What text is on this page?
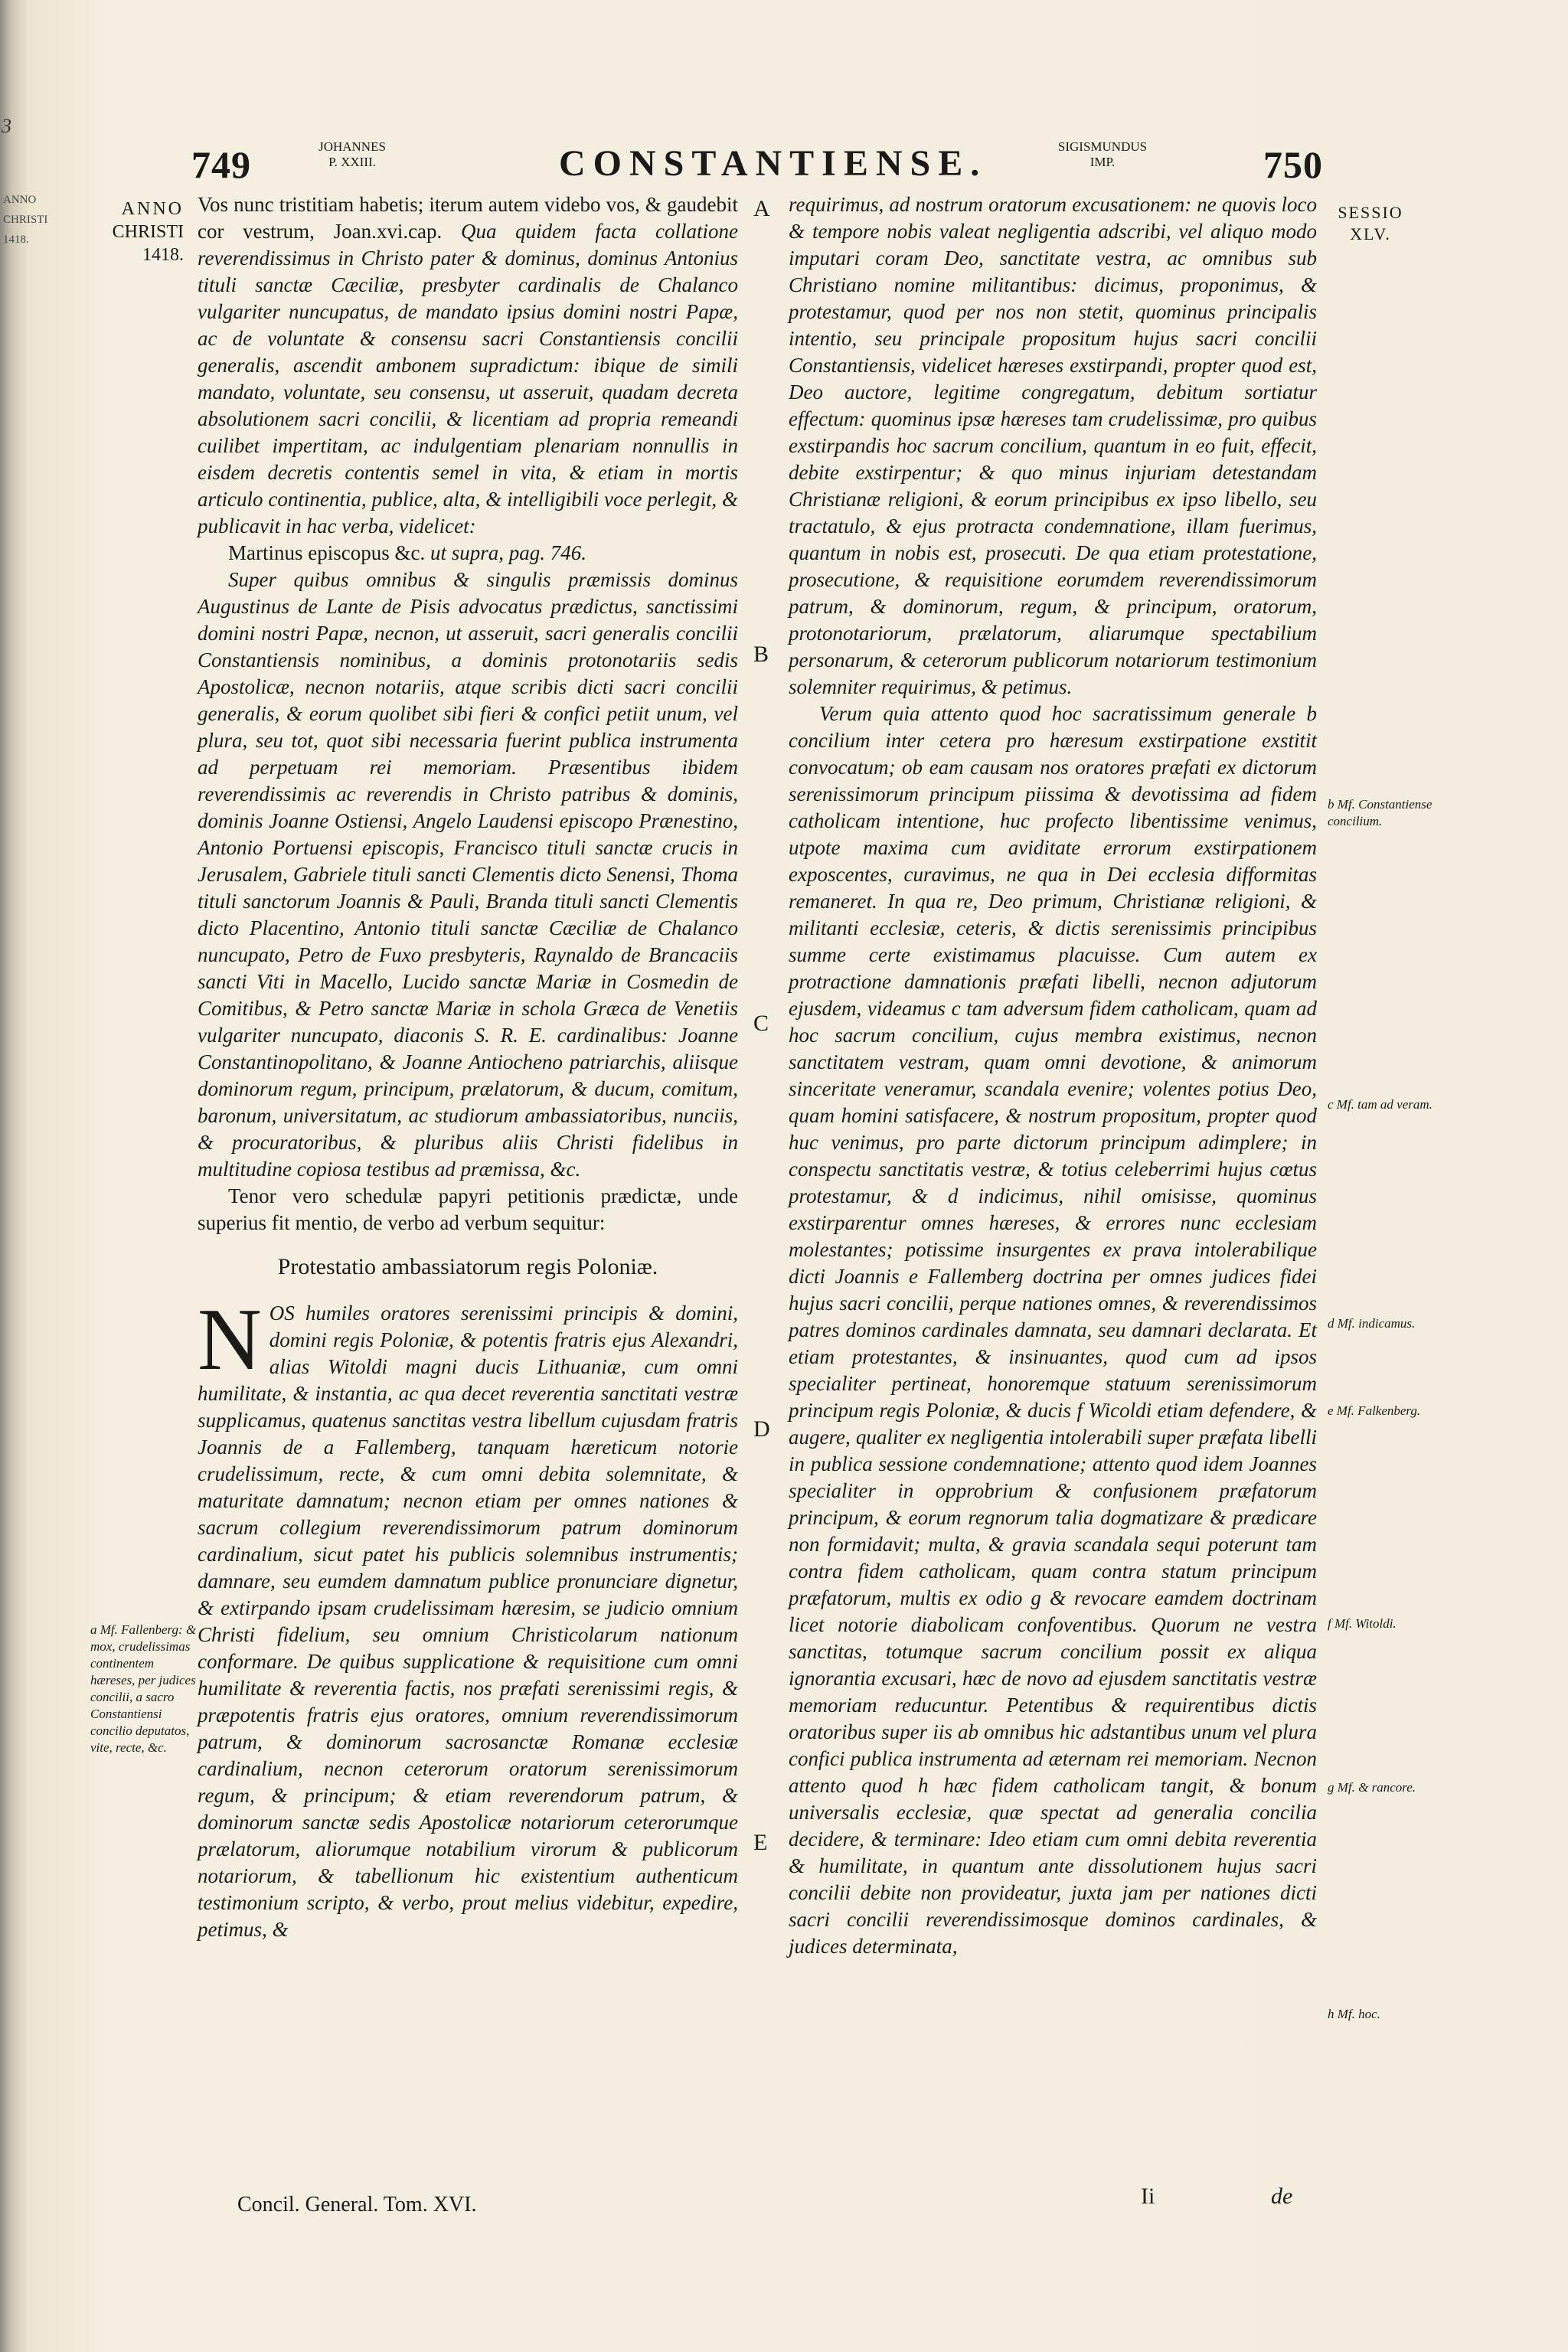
3
ANNO
CHRISTI
1418.
749	JOHANNES
P. XXIII.	CONSTANTIENSE.	SIGISMUNDUS
IMP.	750
ANNO
CHRISTI
1418.
SESSIO
XLV.
A
B
C
D
E

Vos nunc tristitiam habetis; iterum autem videbo vos, & gaudebit cor vestrum, Joan.xvi.cap. Qua quidem facta collatione reverendissimus in Christo pater & dominus, dominus Antonius tituli sanctæ Cæciliæ, presbyter cardinalis de Chalanco vulgariter nuncupatus, de mandato ipsius domini nostri Papæ, ac de voluntate & consensu sacri Constantiensis concilii generalis, ascendit ambonem supradictum: ibique de simili mandato, voluntate, seu consensu, ut asseruit, quadam decreta absolutionem sacri concilii, & licentiam ad propria remeandi cuilibet impertitam, ac indulgentiam plenariam nonnullis in eisdem decretis contentis semel in vita, & etiam in mortis articulo continentia, publice, alta, & intelligibili voce perlegit, & publicavit in hac verba, videlicet:

Martinus episcopus &c. ut supra, pag. 746.

Super quibus omnibus & singulis præmissis dominus Augustinus de Lante de Pisis advocatus prædictus, sanctissimi domini nostri Papæ, necnon, ut asseruit, sacri generalis concilii Constantiensis nominibus, a dominis protonotariis sedis Apostolicæ, necnon notariis, atque scribis dicti sacri concilii generalis, & eorum quolibet sibi fieri & confici petiit unum, vel plura, seu tot, quot sibi necessaria fuerint publica instrumenta ad perpetuam rei memoriam. Præsentibus ibidem reverendissimis ac reverendis in Christo patribus & dominis, dominis Joanne Ostiensi, Angelo Laudensi episcopo Prænestino, Antonio Portuensi episcopis, Francisco tituli sanctæ crucis in Jerusalem, Gabriele tituli sancti Clementis dicto Senensi, Thoma tituli sanctorum Joannis & Pauli, Branda tituli sancti Clementis dicto Placentino, Antonio tituli sanctæ Cæciliæ de Chalanco nuncupato, Petro de Fuxo presbyteris, Raynaldo de Brancaciis sancti Viti in Macello, Lucido sanctæ Mariæ in Cosmedin de Comitibus, & Petro sanctæ Mariæ in schola Græca de Venetiis vulgariter nuncupato, diaconis S. R. E. cardinalibus: Joanne Constantinopolitano, & Joanne Antiocheno patriarchis, aliisque dominorum regum, principum, prælatorum, & ducum, comitum, baronum, universitatum, ac studiorum ambassiatoribus, nunciis, & procuratoribus, & pluribus aliis Christi fidelibus in multitudine copiosa testibus ad præmissa, &c.

Tenor vero schedulæ papyri petitionis prædictæ, unde superius fit mentio, de verbo ad verbum sequitur:

Protestatio ambassiatorum regis Poloniæ.

NOS humiles oratores serenissimi principis & domini, domini regis Poloniæ, & potentis fratris ejus Alexandri, alias Witoldi magni ducis Lithuaniæ, cum omni humilitate, & instantia, ac qua decet reverentia sanctitati vestræ supplicamus, quatenus sanctitas vestra libellum cujusdam fratris Joannis de a Fallemberg, tanquam hæreticum notorie crudelissimum, recte, & cum omni debita solemnitate, & maturitate damnatum; necnon etiam per omnes nationes & sacrum collegium reverendissimorum patrum dominorum cardinalium, sicut patet his publicis solemnibus instrumentis; damnare, seu eumdem damnatum publice pronunciare dignetur, & extirpando ipsam crudelissimam hæresim, se judicio omnium Christi fidelium, seu omnium Christicolarum nationum conformare. De quibus supplicatione & requisitione cum omni humilitate & reverentia factis, nos præfati serenissimi regis, & præpotentis fratris ejus oratores, omnium reverendissimorum patrum, & dominorum sacrosanctæ Romanæ ecclesiæ cardinalium, necnon ceterorum oratorum serenissimorum regum, & principum; & etiam reverendorum patrum, & dominorum sanctæ sedis Apostolicæ notariorum ceterorumque prælatorum, aliorumque notabilium virorum & publicorum notariorum, & tabellionum hic existentium authenticum testimonium scripto, & verbo, prout melius videbitur, expedire, petimus, &

a Mf. Fallenberg: & mox, crudelissimas continentem hæreses, per judices concilii, a sacro Constantiensi concilio deputatos, vite, recte, &c.

requirimus, ad nostrum oratorum excusationem: ne quovis loco & tempore nobis valeat negligentia adscribi, vel aliquo modo imputari coram Deo, sanctitate vestra, ac omnibus sub Christiano nomine militantibus: dicimus, proponimus, & protestamur, quod per nos non stetit, quominus principalis intentio, seu principale propositum hujus sacri concilii Constantiensis, videlicet hæreses exstirpandi, propter quod est, Deo auctore, legitime congregatum, debitum sortiatur effectum: quominus ipsæ hæreses tam crudelissimæ, pro quibus exstirpandis hoc sacrum concilium, quantum in eo fuit, effecit, debite exstirpentur; & quo minus injuriam detestandam Christianæ religioni, & eorum principibus ex ipso libello, seu tractatulo, & ejus protracta condemnatione, illam fuerimus, quantum in nobis est, prosecuti. De qua etiam protestatione, prosecutione, & requisitione eorumdem reverendissimorum patrum, & dominorum, regum, & principum, oratorum, protonotariorum, prælatorum, aliarumque spectabilium personarum, & ceterorum publicorum notariorum testimonium solemniter requirimus, & petimus.

Verum quia attento quod hoc sacratissimum generale b concilium inter cetera pro hæresum exstirpatione exstitit convocatum; ob eam causam nos oratores præfati ex dictorum serenissimorum principum piissima & devotissima ad fidem catholicam intentione, huc profecto libentissime venimus, utpote maxima cum aviditate errorum exstirpationem exposcentes, curavimus, ne qua in Dei ecclesia difformitas remaneret. In qua re, Deo primum, Christianæ religioni, & militanti ecclesiæ, ceteris, & dictis serenissimis principibus summe certe existimamus placuisse. Cum autem ex protractione damnationis præfati libelli, necnon adjutorum ejusdem, videamus c tam adversum fidem catholicam, quam ad hoc sacrum concilium, cujus membra existimus, necnon sanctitatem vestram, quam omni devotione, & animorum sinceritate veneramur, scandala evenire; volentes potius Deo, quam homini satisfacere, & nostrum propositum, propter quod huc venimus, pro parte dictorum principum adimplere; in conspectu sanctitatis vestræ, & totius celeberrimi hujus cœtus protestamur, & d indicimus, nihil omisisse, quominus exstirparentur omnes hæreses, & errores nunc ecclesiam molestantes; potissime insurgentes ex prava intolerabilique dicti Joannis e Fallemberg doctrina per omnes judices fidei hujus sacri concilii, perque nationes omnes, & reverendissimos patres dominos cardinales damnata, seu damnari declarata. Et etiam protestantes, & insinuantes, quod cum ad ipsos specialiter pertineat, honoremque statuum serenissimorum principum regis Poloniæ, & ducis f Wicoldi etiam defendere, & augere, qualiter ex negligentia intolerabili super præfata libelli in publica sessione condemnatione; attento quod idem Joannes specialiter in opprobrium & confusionem præfatorum principum, & eorum regnorum talia dogmatizare & prædicare non formidavit; multa, & gravia scandala sequi poterunt tam contra fidem catholicam, quam contra statum principum præfatorum, multis ex odio g & revocare eamdem doctrinam licet notorie diabolicam confoventibus. Quorum ne vestra sanctitas, totumque sacrum concilium possit ex aliqua ignorantia excusari, hæc de novo ad ejusdem sanctitatis vestræ memoriam reducuntur. Petentibus & requirentibus dictis oratoribus super iis ab omnibus hic adstantibus unum vel plura confici publica instrumenta ad æternam rei memoriam. Necnon attento quod h hæc fidem catholicam tangit, & bonum universalis ecclesiæ, quæ spectat ad generalia concilia decidere, & terminare: Ideo etiam cum omni debita reverentia & humilitate, in quantum ante dissolutionem hujus sacri concilii debite non provideatur, juxta jam per nationes dicti sacri concilii reverendissimosque dominos cardinales, & judices determinata,

b Mf. Constantiense concilium.
c Mf. tam ad veram.
d Mf. indicamus.
e Mf. Falkenberg.
f Mf. Witoldi.
g Mf. & rancore.
h Mf. hoc.
Concil. General. Tom. XVI.	Ii	de
